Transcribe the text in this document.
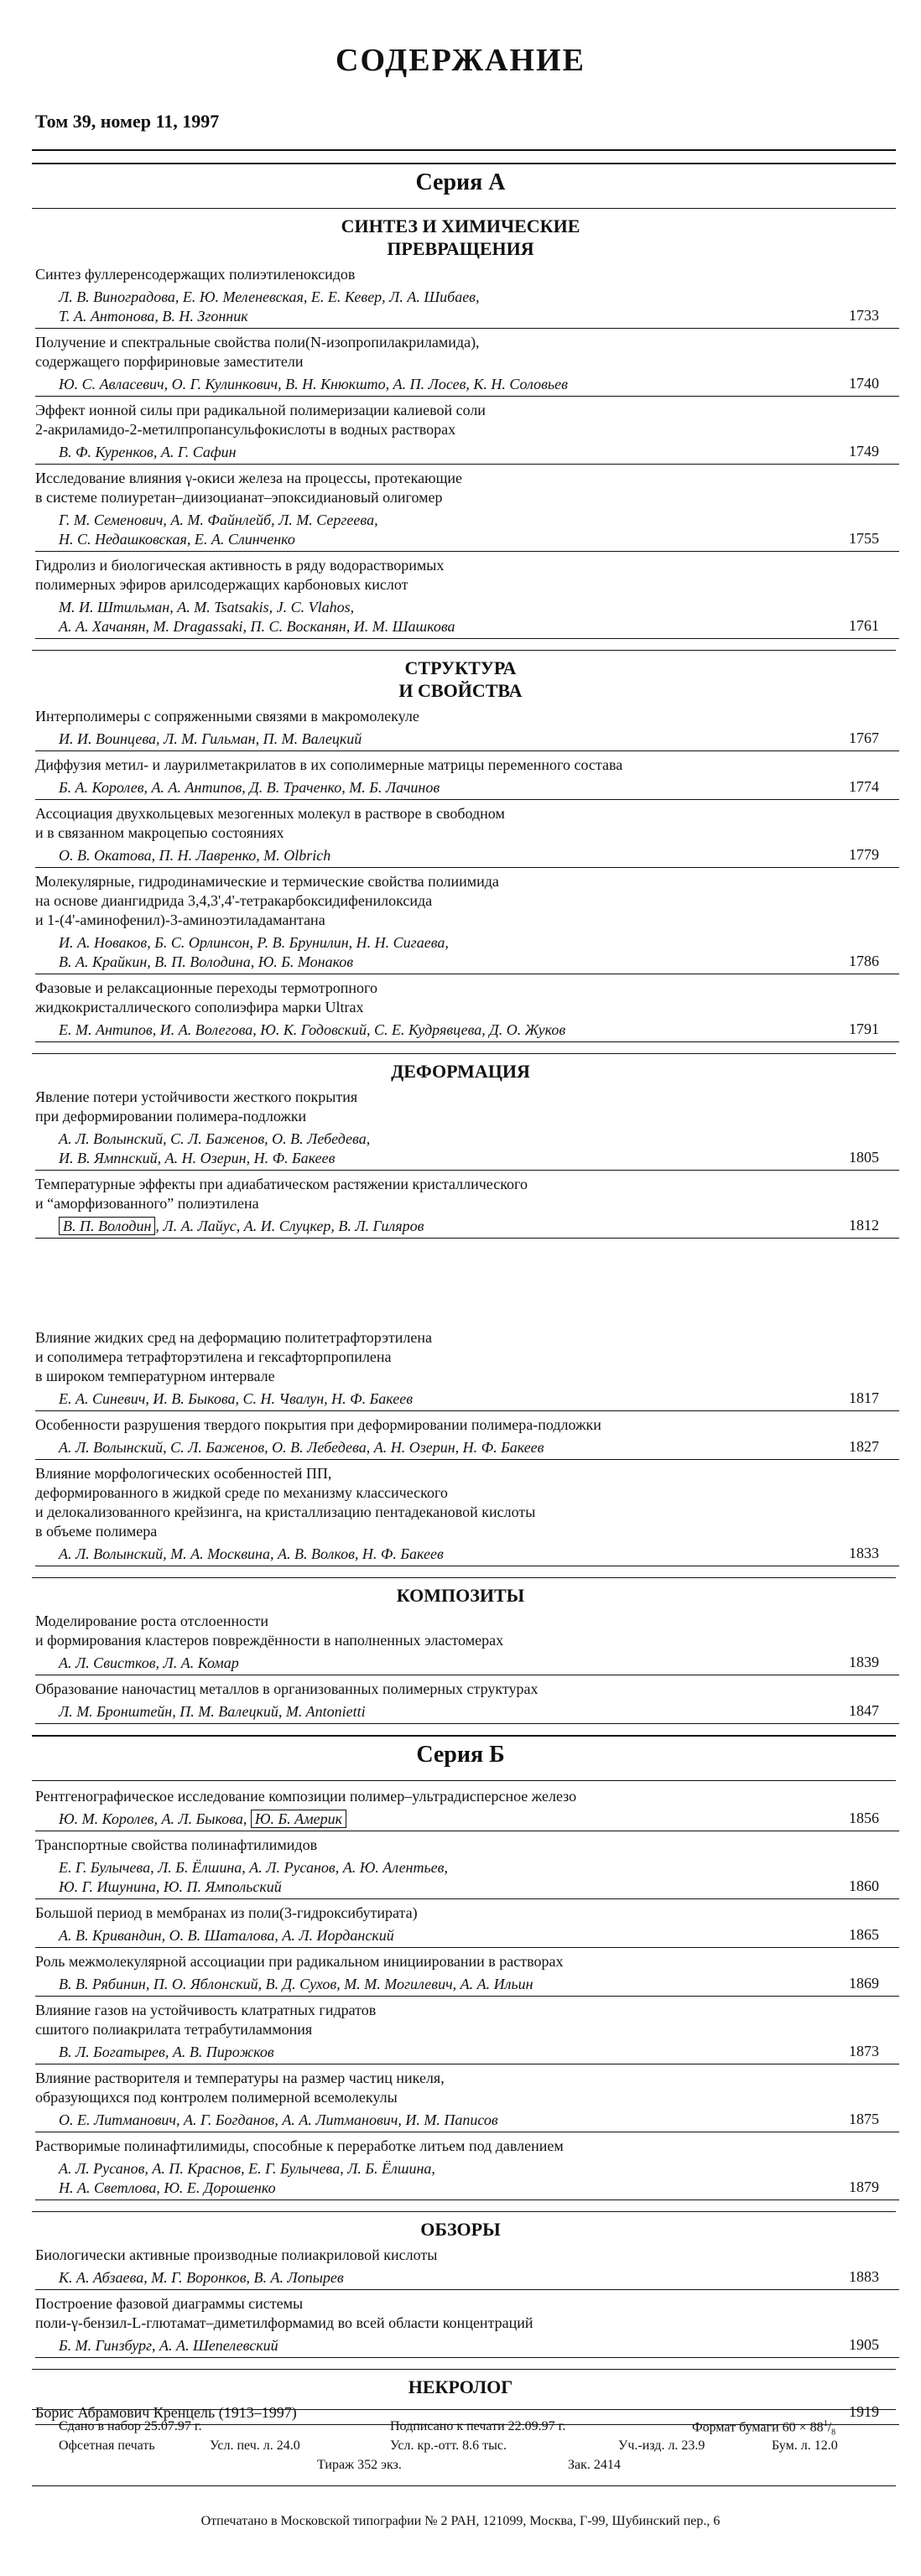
СОДЕРЖАНИЕ
Том 39, номер 11, 1997
Серия А
СИНТЕЗ И ХИМИЧЕСКИЕ
ПРЕВРАЩЕНИЯ
Синтез фуллеренсодержащих полиэтиленоксидов
Л. В. Виноградова, Е. Ю. Меленевская, Е. Е. Кевер, Л. А. Шибаев,
Т. А. Антонова, В. Н. Згонник	1733
Получение и спектральные свойства поли(N-изопропилакриламида),
содержащего порфириновые заместители
Ю. С. Авласевич, О. Г. Кулинкович, В. Н. Кнюкшто, А. П. Лосев, К. Н. Соловьев	1740
Эффект ионной силы при радикальной полимеризации калиевой соли
2-акриламидо-2-метилпропансульфокислоты в водных растворах
В. Ф. Куренков, А. Г. Сафин	1749
Исследование влияния γ-окиси железа на процессы, протекающие
в системе полиуретан–диизоцианат–эпоксидиановый олигомер
Г. М. Семенович, А. М. Файнлейб, Л. М. Сергеева,
Н. С. Недашковская, Е. А. Слинченко	1755
Гидролиз и биологическая активность в ряду водорастворимых
полимерных эфиров арилсодержащих карбоновых кислот
М. И. Штильман, А. М. Tsatsakis, J. C. Vlahos,
А. А. Хачанян, M. Dragassaki, П. С. Восканян, И. М. Шашкова	1761
СТРУКТУРА
И СВОЙСТВА
Интерполимеры с сопряженными связями в макромолекуле
И. И. Воинцева, Л. М. Гильман, П. М. Валецкий	1767
Диффузия метил- и лаурилметакрилатов в их сополимерные матрицы переменного состава
Б. А. Королев, А. А. Антипов, Д. В. Траченко, М. Б. Лачинов	1774
Ассоциация двухкольцевых мезогенных молекул в растворе в свободном
и в связанном макроцепью состояниях
О. В. Окатова, П. Н. Лавренко, M. Olbrich	1779
Молекулярные, гидродинамические и термические свойства полиимида
на основе диангидрида 3,4,3',4'-тетракарбоксидифенилоксида
и 1-(4'-аминофенил)-3-аминоэтиладамантана
И. А. Новаков, Б. С. Орлинсон, Р. В. Брунилин, Н. Н. Сигаева,
В. А. Крайкин, В. П. Володина, Ю. Б. Монаков	1786
Фазовые и релаксационные переходы термотропного
жидкокристаллического сополиэфира марки Ultrax
Е. М. Антипов, И. А. Волегова, Ю. К. Годовский, С. Е. Кудрявцева, Д. О. Жуков	1791
ДЕФОРМАЦИЯ
Явление потери устойчивости жесткого покрытия
при деформировании полимера-подложки
А. Л. Волынский, С. Л. Баженов, О. В. Лебедева,
И. В. Ямпнский, А. Н. Озерин, Н. Ф. Бакеев	1805
Температурные эффекты при адиабатическом растяжении кристаллического
и “аморфизованного” полиэтилена
В. П. Володин , Л. А. Лайус, А. И. Слуцкер, В. Л. Гиляров	1812
Влияние жидких сред на деформацию политетрафторэтилена
и сополимера тетрафторэтилена и гексафторпропилена
в широком температурном интервале
Е. А. Синевич, И. В. Быкова, С. Н. Чвалун, Н. Ф. Бакеев	1817
Особенности разрушения твердого покрытия при деформировании полимера-подложки
А. Л. Волынский, С. Л. Баженов, О. В. Лебедева, А. Н. Озерин, Н. Ф. Бакеев	1827
Влияние морфологических особенностей ПП,
деформированного в жидкой среде по механизму классического
и делокализованного крейзинга, на кристаллизацию пентадекановой кислоты
в объеме полимера
А. Л. Волынский, М. А. Москвина, А. В. Волков, Н. Ф. Бакеев	1833
КОМПОЗИТЫ
Моделирование роста отслоенности
и формирования кластеров повреждённости в наполненных эластомерах
А. Л. Свистков, Л. А. Комар	1839
Образование наночастиц металлов в организованных полимерных структурах
Л. М. Бронштейн, П. М. Валецкий, M. Antonietti	1847
Серия Б
Рентгенографическое исследование композиции полимер–ультрадисперсное железо
Ю. М. Королев, А. Л. Быкова, Ю. Б. Америк	1856
Транспортные свойства полинафтилимидов
Е. Г. Булычева, Л. Б. Ёлшина, А. Л. Русанов, А. Ю. Алентьев,
Ю. Г. Ишунина, Ю. П. Ямпольский	1860
Большой период в мембранах из поли(3-гидроксибутирата)
А. В. Кривандин, О. В. Шаталова, А. Л. Иорданский	1865
Роль межмолекулярной ассоциации при радикальном инициировании в растворах
В. В. Рябинин, П. О. Яблонский, В. Д. Сухов, М. М. Могилевич, А. А. Ильин	1869
Влияние газов на устойчивость клатратных гидратов
сшитого полиакрилата тетрабутиламмония
В. Л. Богатырев, А. В. Пирожков	1873
Влияние растворителя и температуры на размер частиц никеля,
образующихся под контролем полимерной всемолекулы
О. Е. Литманович, А. Г. Богданов, А. А. Литманович, И. М. Паписов	1875
Растворимые полинафтилимиды, способные к переработке литьем под давлением
А. Л. Русанов, А. П. Краснов, Е. Г. Булычева, Л. Б. Ёлшина,
Н. А. Светлова, Ю. Е. Дорошенко	1879
ОБЗОРЫ
Биологически активные производные полиакриловой кислоты
К. А. Абзаева, М. Г. Воронков, В. А. Лопырев	1883
Построение фазовой диаграммы системы
поли-γ-бензил-L-глютамат–диметилформамид во всей области концентраций
Б. М. Гинзбург, А. А. Шепелевский	1905
НЕКРОЛОГ
Борис Абрамович Кренцель (1913–1997)	1919
Сдано в набор 25.07.97 г.	Подписано к печати 22.09.97 г.	Формат бумаги $60 \times 88^1/_8$
Офсетная печать	Усл. печ. л. 24.0	Усл. кр.-отт. 8.6 тыс.	Уч.-изд. л. 23.9	Бум. л. 12.0
Тираж 352 экз.	Зак. 2414
Отпечатано в Московской типографии № 2 РАН, 121099, Москва, Г-99, Шубинский пер., 6
